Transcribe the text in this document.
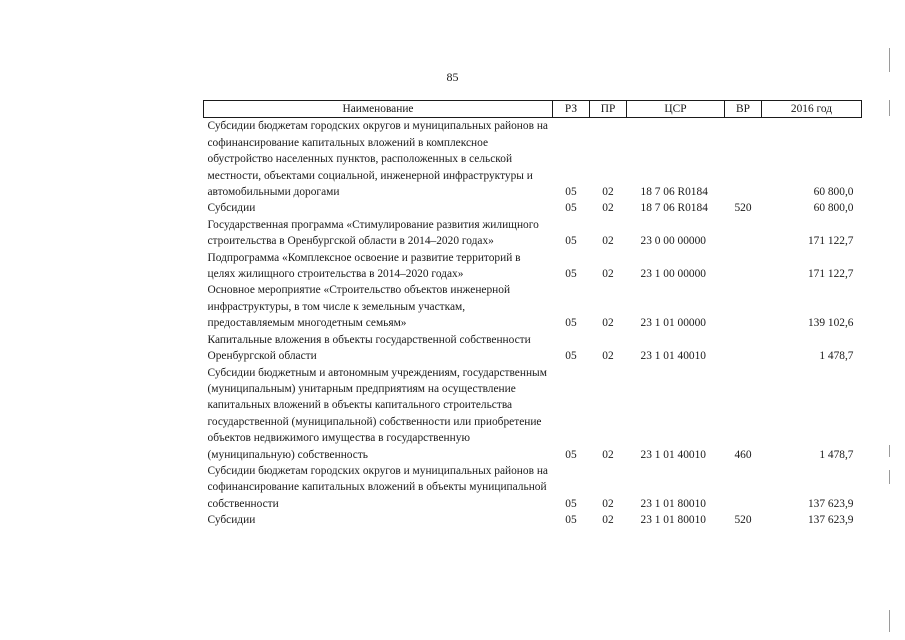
85
Наименование	РЗ	ПР	ЦСР	ВР	2016 год
Субсидии бюджетам городских округов и муниципальных районов на софинансирование капитальных вложений в комплексное обустройство населенных пунктов, расположенных в сельской местности, объектами социальной, инженерной инфраструктуры и автомобильными дорогами	05	02	18 7 06 R0184		60 800,0
Субсидии	05	02	18 7 06 R0184	520	60 800,0
Государственная программа «Стимулирование развития жилищного строительства в Оренбургской области в 2014–2020 годах»	05	02	23 0 00 00000		171 122,7
Подпрограмма «Комплексное освоение и развитие территорий в целях жилищного строительства в 2014–2020 годах»	05	02	23 1 00 00000		171 122,7
Основное мероприятие «Строительство объектов инженерной инфраструктуры, в том числе к земельным участкам, предоставляемым многодетным семьям»	05	02	23 1 01 00000		139 102,6
Капитальные вложения в объекты государственной собственности Оренбургской области	05	02	23 1 01 40010		1 478,7
Субсидии бюджетным и автономным учреждениям, государственным (муниципальным) унитарным предприятиям на осуществление капитальных вложений в объекты капитального строительства государственной (муниципальной) собственности или приобретение объектов недвижимого имущества в государственную (муниципальную) собственность	05	02	23 1 01 40010	460	1 478,7
Субсидии бюджетам городских округов и муниципальных районов на софинансирование капитальных вложений в объекты муниципальной собственности	05	02	23 1 01 80010		137 623,9
Субсидии	05	02	23 1 01 80010	520	137 623,9
